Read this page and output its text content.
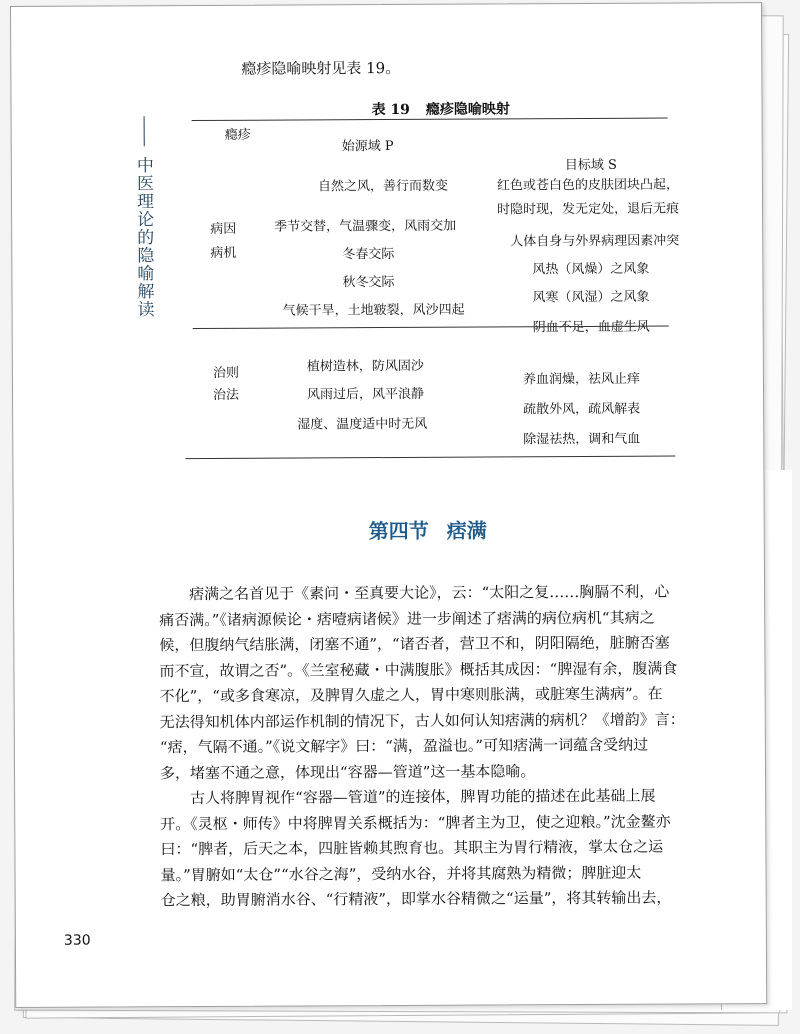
中医理论的隐喻解读
瘾疹隐喻映射见表 19。
表 19 瘾疹隐喻映射
瘾疹
始源域 P
目标域 S
病因
病机
自然之风，善行而数变
季节交替，气温骤变，风雨交加
冬春交际
秋冬交际
气候干旱，土地皲裂，风沙四起
红色或苍白色的皮肤团块凸起，
时隐时现，发无定处，退后无痕
人体自身与外界病理因素冲突
风热（风燥）之风象
风寒（风湿）之风象
阴血不足，血虚生风
治则
治法
植树造林，防风固沙
风雨过后，风平浪静
湿度、温度适中时无风
养血润燥，祛风止痒
疏散外风，疏风解表
除湿祛热，调和气血
第四节 痞满
痞满之名首见于《素问・至真要大论》，云：“太阳之复……胸膈不利，心
痛否满。”《诸病源候论・痞噎病诸候》进一步阐述了痞满的病位病机“其病之
候，但腹纳气结胀满，闭塞不通”，“诸否者，营卫不和，阴阳隔绝，脏腑否塞
而不宣，故谓之否”。《兰室秘藏・中满腹胀》概括其成因：“脾湿有余，腹满食
不化”，“或多食寒凉，及脾胃久虚之人，胃中寒则胀满，或脏寒生满病”。在
无法得知机体内部运作机制的情况下，古人如何认知痞满的病机？《增韵》言：
“痞，气隔不通。”《说文解字》曰：“满，盈溢也。”可知痞满一词蕴含受纳过
多，堵塞不通之意，体现出“容器—管道”这一基本隐喻。
古人将脾胃视作“容器—管道”的连接体，脾胃功能的描述在此基础上展
开。《灵枢・师传》中将脾胃关系概括为：“脾者主为卫，使之迎粮。”沈金鳌亦
曰：“脾者，后天之本，四脏皆赖其煦育也。其职主为胃行精液，掌太仓之运
量。”胃腑如“太仓”“水谷之海”，受纳水谷，并将其腐熟为精微；脾脏迎太
仓之粮，助胃腑消水谷、“行精液”，即掌水谷精微之“运量”，将其转输出去，
330
